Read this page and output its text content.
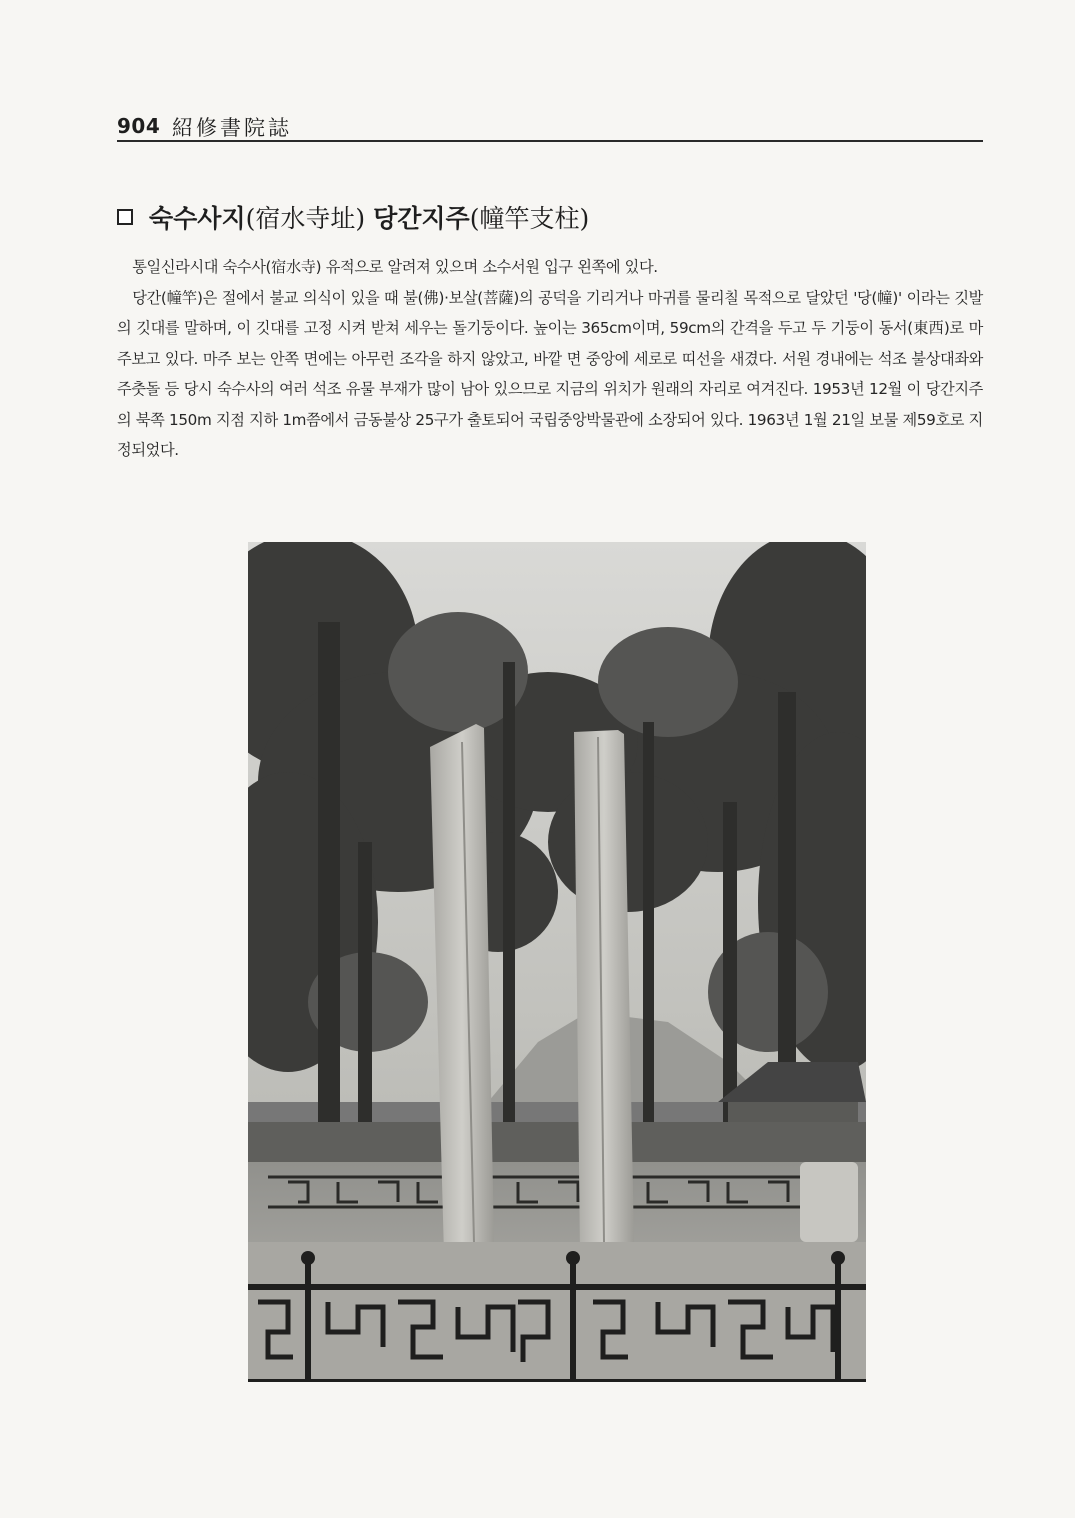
904 紹修書院誌
숙수사지 (宿水寺址) 당간지주 (幢竿支柱)

통일신라시대 숙수사(宿水寺) 유적으로 알려져 있으며 소수서원 입구 왼쪽에 있다.

당간(幢竿)은 절에서 불교 의식이 있을 때 불(佛)·보살(菩薩)의 공덕을 기리거나 마귀를 물리칠 목적으로 달았던 '당(幢)' 이라는 깃발의 깃대를 말하며, 이 깃대를 고정 시켜 받쳐 세우는 돌기둥이다. 높이는 365cm이며, 59cm의 간격을 두고 두 기둥이 동서(東西)로 마주보고 있다. 마주 보는 안쪽 면에는 아무런 조각을 하지 않았고, 바깥 면 중앙에 세로로 띠선을 새겼다. 서원 경내에는 석조 불상대좌와 주춧돌 등 당시 숙수사의 여러 석조 유물 부재가 많이 남아 있으므로 지금의 위치가 원래의 자리로 여겨진다. 1953년 12월 이 당간지주의 북쪽 150m 지점 지하 1m쯤에서 금동불상 25구가 출토되어 국립중앙박물관에 소장되어 있다. 1963년 1월 21일 보물 제59호로 지정되었다.
